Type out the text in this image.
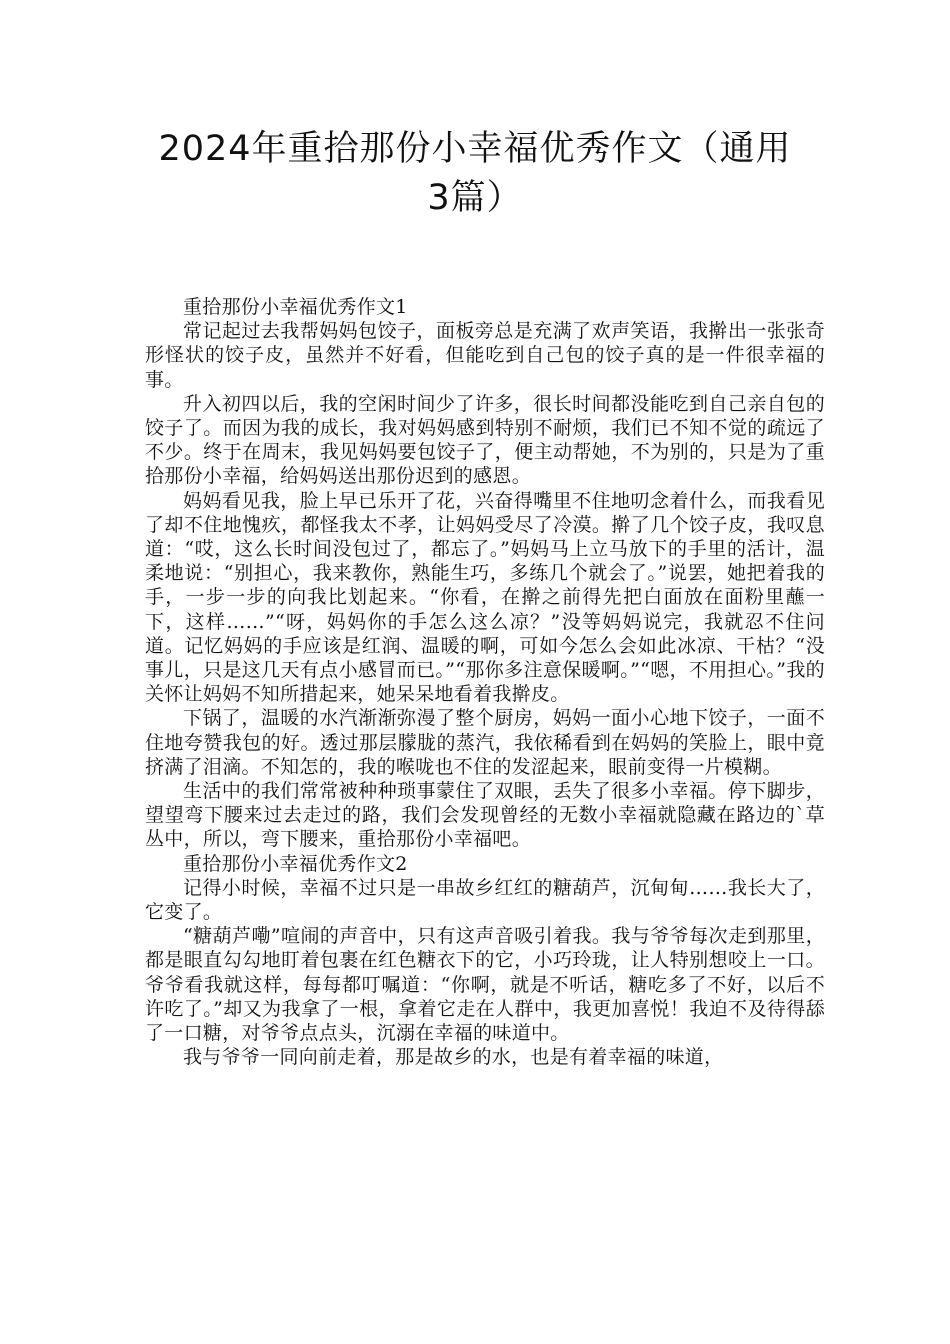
2024年重拾那份小幸福优秀作文（通用
3篇）

重拾那份小幸福优秀作文1

常记起过去我帮妈妈包饺子，面板旁总是充满了欢声笑语，我擀出一张张奇形怪状的饺子皮，虽然并不好看，但能吃到自己包的饺子真的是一件很幸福的事。

升入初四以后，我的空闲时间少了许多，很长时间都没能吃到自己亲自包的饺子了。而因为我的成长，我对妈妈感到特别不耐烦，我们已不知不觉的疏远了不少。终于在周末，我见妈妈要包饺子了，便主动帮她，不为别的，只是为了重拾那份小幸福，给妈妈送出那份迟到的感恩。

妈妈看见我，脸上早已乐开了花，兴奋得嘴里不住地叨念着什么，而我看见了却不住地愧疚，都怪我太不孝，让妈妈受尽了冷漠。擀了几个饺子皮，我叹息道：“哎，这么长时间没包过了，都忘了。”妈妈马上立马放下的手里的活计，温柔地说：“别担心，我来教你，熟能生巧，多练几个就会了。”说罢，她把着我的手，一步一步的向我比划起来。“你看，在擀之前得先把白面放在面粉里蘸一下，这样……”“呀，妈妈你的手怎么这么凉？”没等妈妈说完，我就忍不住问道。记忆妈妈的手应该是红润、温暖的啊，可如今怎么会如此冰凉、干枯？“没事儿，只是这几天有点小感冒而已。”“那你多注意保暖啊。”“嗯，不用担心。”我的关怀让妈妈不知所措起来，她呆呆地看着我擀皮。

下锅了，温暖的水汽渐渐弥漫了整个厨房，妈妈一面小心地下饺子，一面不住地夸赞我包的好。透过那层朦胧的蒸汽，我依稀看到在妈妈的笑脸上，眼中竟挤满了泪滴。不知怎的，我的喉咙也不住的发涩起来，眼前变得一片模糊。

生活中的我们常常被种种琐事蒙住了双眼，丢失了很多小幸福。停下脚步，望望弯下腰来过去走过的路，我们会发现曾经的无数小幸福就隐藏在路边的`草丛中，所以，弯下腰来，重拾那份小幸福吧。

重拾那份小幸福优秀作文2

记得小时候，幸福不过只是一串故乡红红的糖葫芦，沉甸甸……我长大了，它变了。

“糖葫芦嘞”喧闹的声音中，只有这声音吸引着我。我与爷爷每次走到那里，都是眼直勾勾地盯着包裹在红色糖衣下的它，小巧玲珑，让人特别想咬上一口。爷爷看我就这样，每每都叮嘱道：“你啊，就是不听话，糖吃多了不好，以后不许吃了。”却又为我拿了一根，拿着它走在人群中，我更加喜悦！我迫不及待得舔了一口糖，对爷爷点点头，沉溺在幸福的味道中。

我与爷爷一同向前走着，那是故乡的水，也是有着幸福的味道，
